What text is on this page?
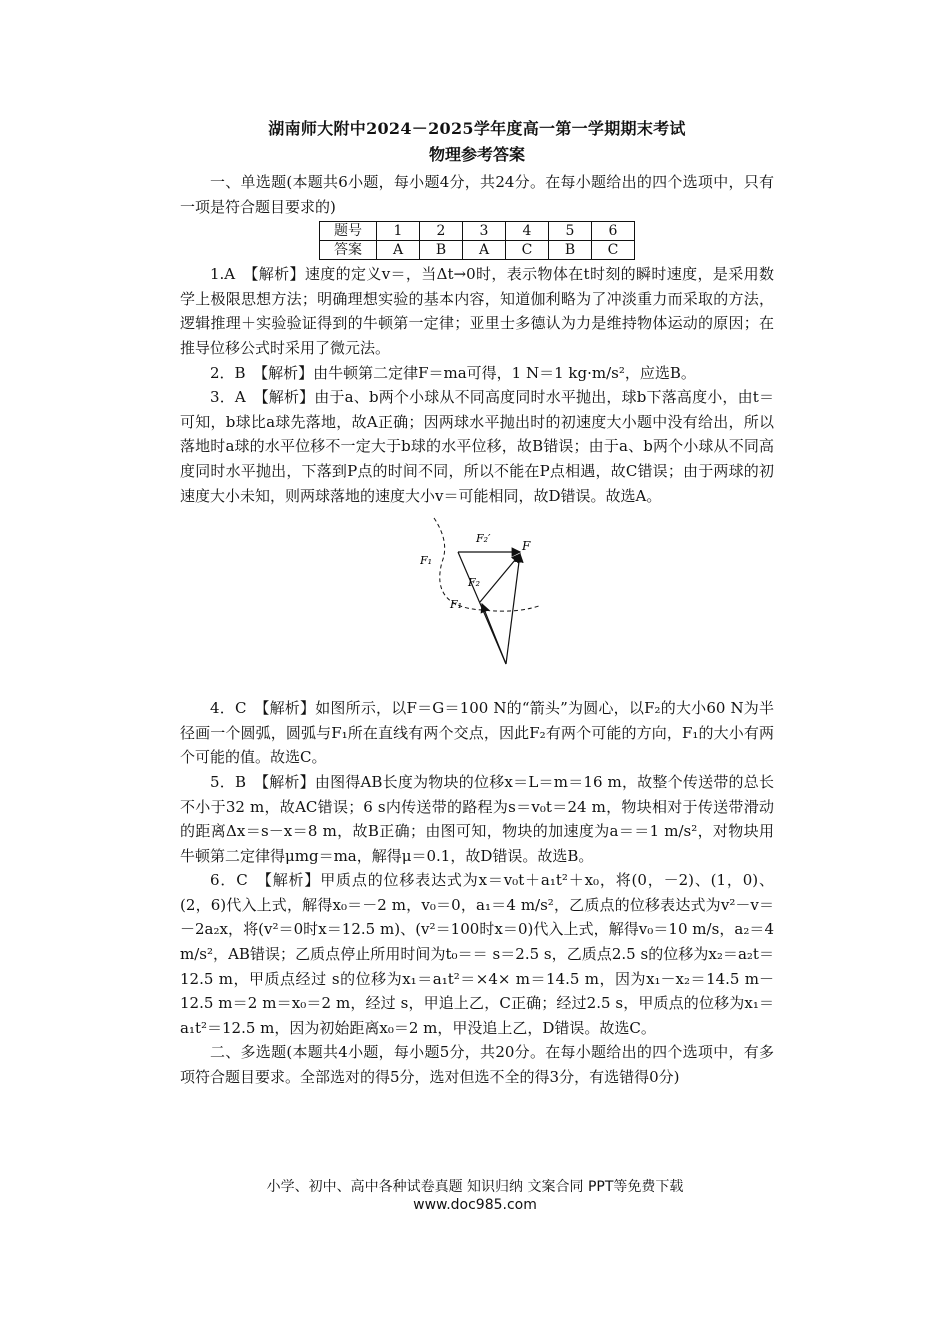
湖南师大附中2024－2025学年度高一第一学期期末考试
物理参考答案

一、单选题(本题共6小题，每小题4分，共24分。在每小题给出的四个选项中，只有一项是符合题目要求的)

题号	1	2	3	4	5	6
答案	A	B	A	C	B	C

1.A　【解析】速度的定义v＝，当Δt→0时，表示物体在t时刻的瞬时速度，是采用数学上极限思想方法；明确理想实验的基本内容，知道伽利略为了冲淡重力而采取的方法，逻辑推理＋实验验证得到的牛顿第一定律；亚里士多德认为力是维持物体运动的原因；在推导位移公式时采用了微元法。

2．B　【解析】由牛顿第二定律F＝ma可得，1 N＝1 kg·m/s²，应选B。

3．A　【解析】由于a、b两个小球从不同高度同时水平抛出，球b下落高度小，由t＝可知，b球比a球先落地，故A正确；因两球水平抛出时的初速度大小题中没有给出，所以落地时a球的水平位移不一定大于b球的水平位移，故B错误；由于a、b两个小球从不同高度同时水平抛出，下落到P点的时间不同，所以不能在P点相遇，故C错误；由于两球的初速度大小未知，则两球落地的速度大小v＝可能相同，故D错误。故选A。

F
F₁
F₂′
F₂
F₁

4．C　【解析】如图所示，以F＝G＝100 N的“箭头”为圆心，以F₂的大小60 N为半径画一个圆弧，圆弧与F₁所在直线有两个交点，因此F₂有两个可能的方向，F₁的大小有两个可能的值。故选C。

5．B　【解析】由图得AB长度为物块的位移x＝L＝m＝16 m，故整个传送带的总长不小于32 m，故AC错误；6 s内传送带的路程为s＝v₀t＝24 m，物块相对于传送带滑动的距离Δx＝s－x＝8 m，故B正确；由图可知，物块的加速度为a＝＝1 m/s²，对物块用牛顿第二定律得μmg＝ma，解得μ＝0.1，故D错误。故选B。

6．C　【解析】甲质点的位移表达式为x＝v₀t＋a₁t²＋x₀，将(0，－2)、(1，0)、(2，6)代入上式，解得x₀＝－2 m，v₀＝0，a₁＝4 m/s²，乙质点的位移表达式为v²－v＝－2a₂x，将(v²＝0时x＝12.5 m)、(v²＝100时x＝0)代入上式，解得v₀＝10 m/s，a₂＝4 m/s²，AB错误；乙质点停止所用时间为t₀＝＝ s＝2.5 s，乙质点2.5 s的位移为x₂＝a₂t＝12.5 m，甲质点经过 s的位移为x₁＝a₁t²＝×4× m＝14.5 m，因为x₁－x₂＝14.5 m－12.5 m＝2 m＝x₀＝2 m，经过 s，甲追上乙，C正确；经过2.5 s，甲质点的位移为x₁＝a₁t²＝12.5 m，因为初始距离x₀＝2 m，甲没追上乙，D错误。故选C。

二、多选题(本题共4小题，每小题5分，共20分。在每小题给出的四个选项中，有多项符合题目要求。全部选对的得5分，选对但选不全的得3分，有选错得0分)

小学、初中、高中各种试卷真题 知识归纳 文案合同 PPT等免费下载
www.doc985.com
